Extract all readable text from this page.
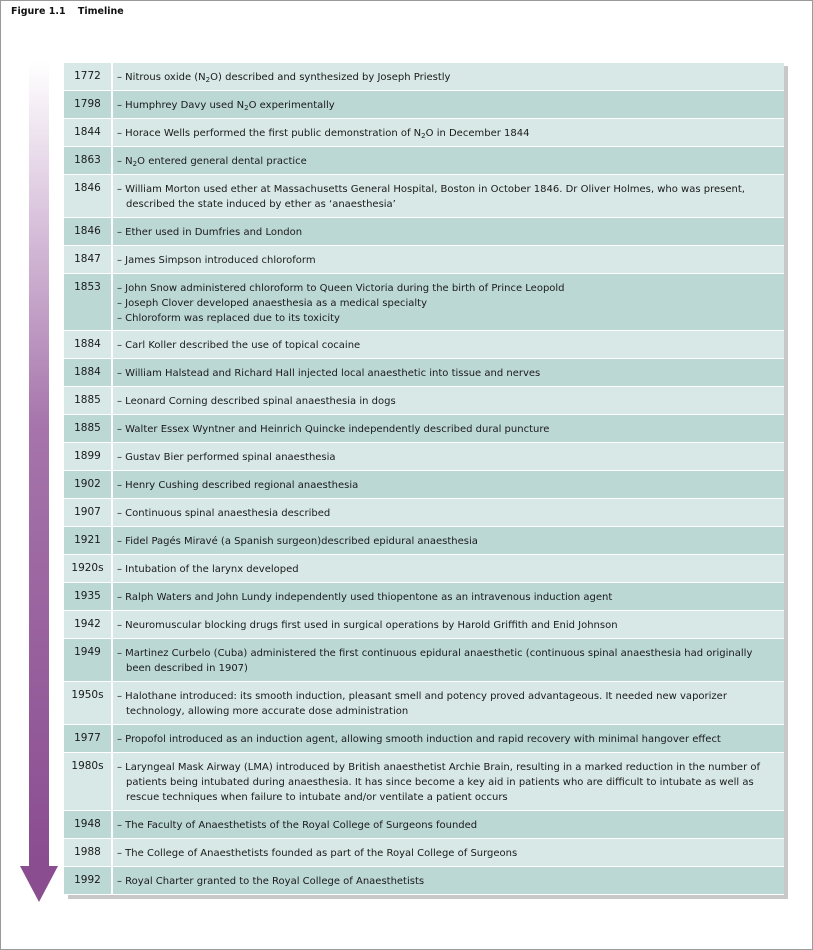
Figure 1.1 Timeline
1772	– Nitrous oxide $(N_2O)$ described and synthesized by Joseph Priestly
1798	– Humphrey Davy used $N_2O$ experimentally
1844	– Horace Wells performed the first public demonstration of $N_2O$ in December 1844
1863	– $N_2O$ entered general dental practice
1846	– William Morton used ether at Massachusetts General Hospital, Boston in October 1846. Dr Oliver Holmes, who was present,
described the state induced by ether as ‘anaesthesia’
1846	– Ether used in Dumfries and London
1847	– James Simpson introduced chloroform
1853	– John Snow administered chloroform to Queen Victoria during the birth of Prince Leopold
– Joseph Clover developed anaesthesia as a medical specialty
– Chloroform was replaced due to its toxicity
1884	– Carl Koller described the use of topical cocaine
1884	– William Halstead and Richard Hall injected local anaesthetic into tissue and nerves
1885	– Leonard Corning described spinal anaesthesia in dogs
1885	– Walter Essex Wyntner and Heinrich Quincke independently described dural puncture
1899	– Gustav Bier performed spinal anaesthesia
1902	– Henry Cushing described regional anaesthesia
1907	– Continuous spinal anaesthesia described
1921	– Fidel Pagés Miravé (a Spanish surgeon)described epidural anaesthesia
1920s	– Intubation of the larynx developed
1935	– Ralph Waters and John Lundy independently used thiopentone as an intravenous induction agent
1942	– Neuromuscular blocking drugs first used in surgical operations by Harold Griffith and Enid Johnson
1949	– Martinez Curbelo (Cuba) administered the first continuous epidural anaesthetic (continuous spinal anaesthesia had originally
been described in 1907)
1950s	– Halothane introduced: its smooth induction, pleasant smell and potency proved advantageous. It needed new vaporizer
technology, allowing more accurate dose administration
1977	– Propofol introduced as an induction agent, allowing smooth induction and rapid recovery with minimal hangover effect
1980s	– Laryngeal Mask Airway (LMA) introduced by British anaesthetist Archie Brain, resulting in a marked reduction in the number of
patients being intubated during anaesthesia. It has since become a key aid in patients who are difficult to intubate as well as
rescue techniques when failure to intubate and/or ventilate a patient occurs
1948	– The Faculty of Anaesthetists of the Royal College of Surgeons founded
1988	– The College of Anaesthetists founded as part of the Royal College of Surgeons
1992	– Royal Charter granted to the Royal College of Anaesthetists
